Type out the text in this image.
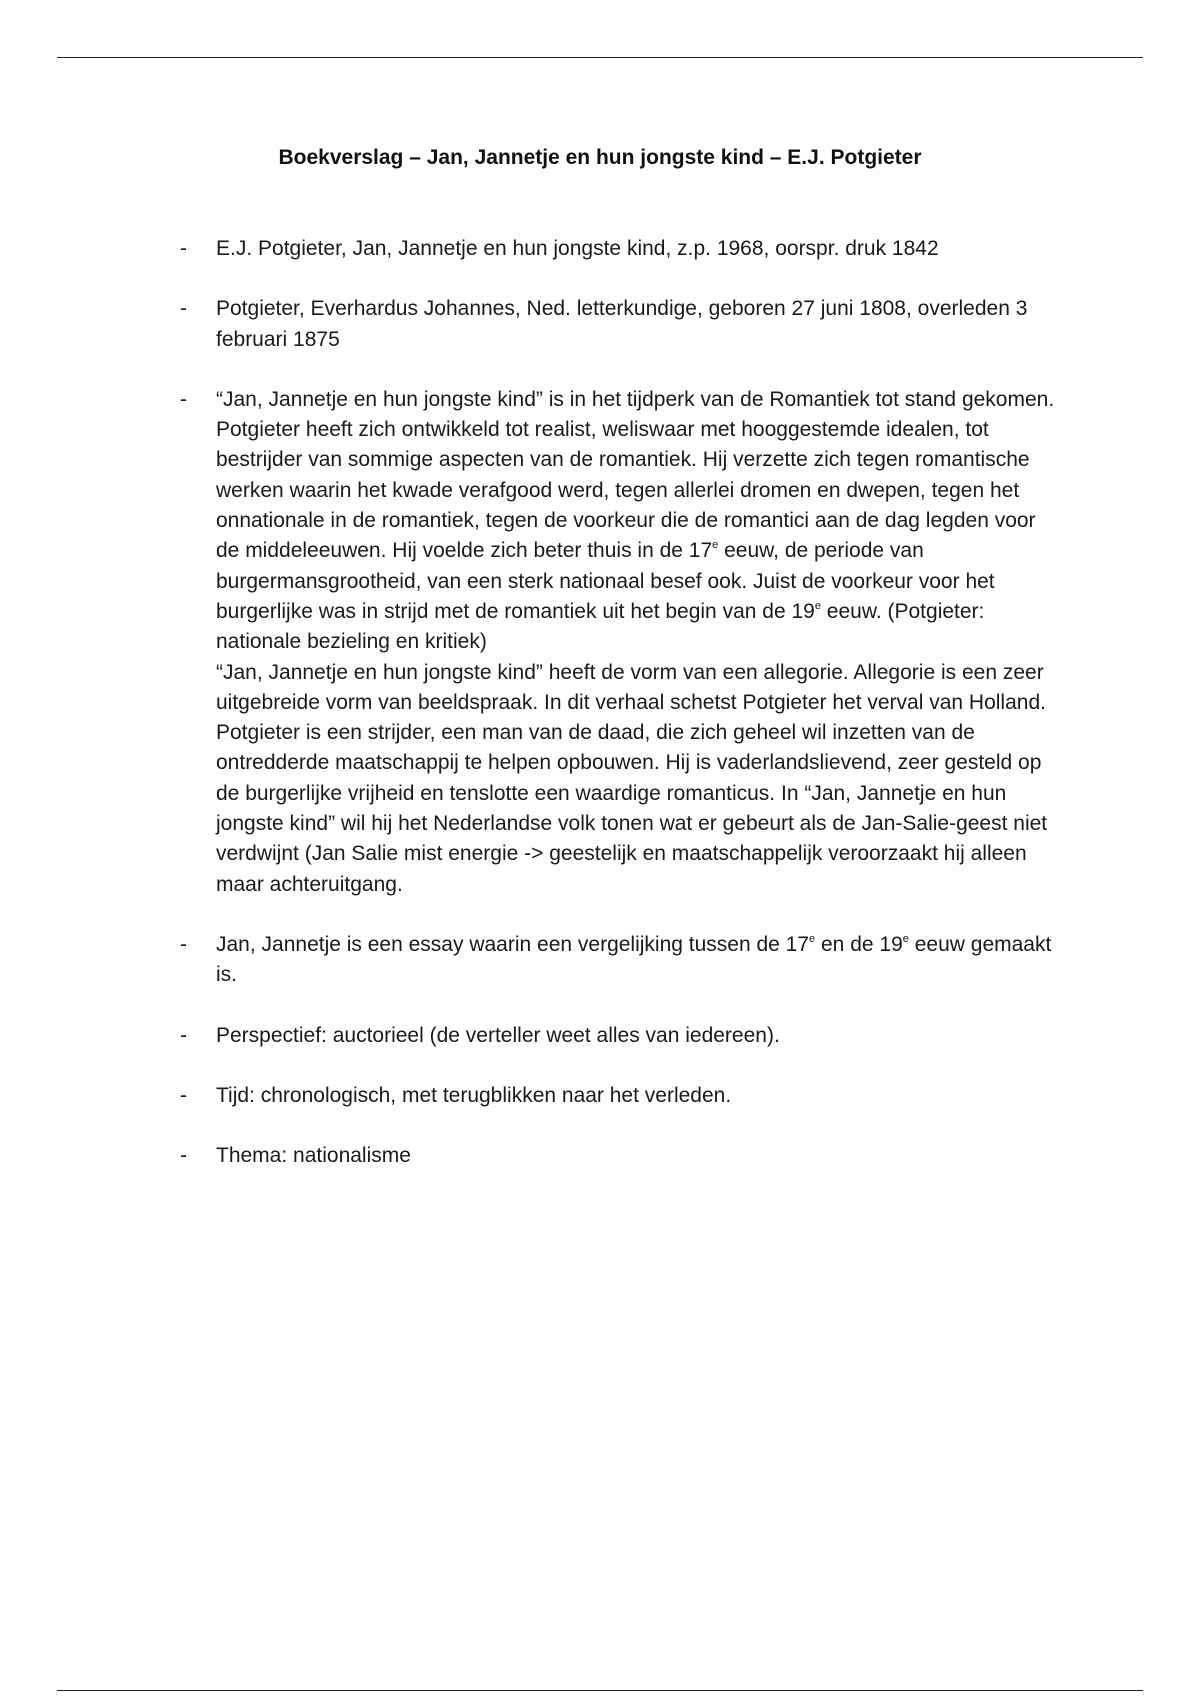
Boekverslag – Jan, Jannetje en hun jongste kind – E.J. Potgieter
- E.J. Potgieter, Jan, Jannetje en hun jongste kind, z.p. 1968, oorspr. druk 1842

- Potgieter, Everhardus Johannes, Ned. letterkundige, geboren 27 juni 1808, overleden 3 februari 1875

- “Jan, Jannetje en hun jongste kind” is in het tijdperk van de Romantiek tot stand gekomen. Potgieter heeft zich ontwikkeld tot realist, weliswaar met hooggestemde idealen, tot bestrijder van sommige aspecten van de romantiek. Hij verzette zich tegen romantische werken waarin het kwade verafgood werd, tegen allerlei dromen en dwepen, tegen het onnationale in de romantiek, tegen de voorkeur die de romantici aan de dag legden voor de middeleeuwen. Hij voelde zich beter thuis in de 17e eeuw, de periode van burgermansgrootheid, van een sterk nationaal besef ook. Juist de voorkeur voor het burgerlijke was in strijd met de romantiek uit het begin van de 19e eeuw. (Potgieter: nationale bezieling en kritiek)

“Jan, Jannetje en hun jongste kind” heeft de vorm van een allegorie. Allegorie is een zeer uitgebreide vorm van beeldspraak. In dit verhaal schetst Potgieter het verval van Holland. Potgieter is een strijder, een man van de daad, die zich geheel wil inzetten van de ontredderde maatschappij te helpen opbouwen. Hij is vaderlandslievend, zeer gesteld op de burgerlijke vrijheid en tenslotte een waardige romanticus. In “Jan, Jannetje en hun jongste kind” wil hij het Nederlandse volk tonen wat er gebeurt als de Jan-Salie-geest niet verdwijnt (Jan Salie mist energie -> geestelijk en maatschappelijk veroorzaakt hij alleen maar achteruitgang.

- Jan, Jannetje is een essay waarin een vergelijking tussen de 17e en de 19e eeuw gemaakt is.

- Perspectief: auctorieel (de verteller weet alles van iedereen).

- Tijd: chronologisch, met terugblikken naar het verleden.

- Thema: nationalisme
